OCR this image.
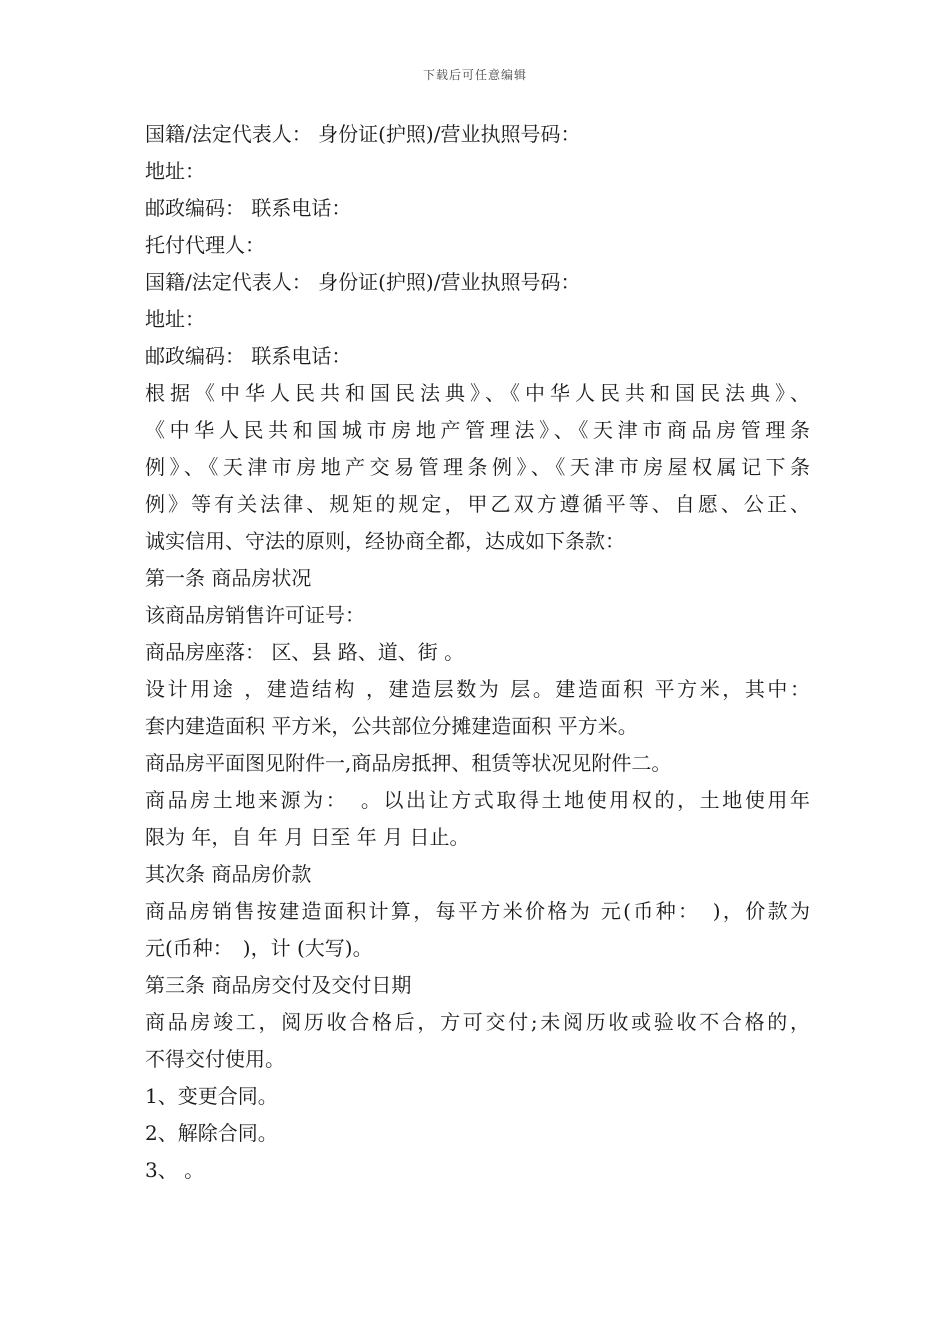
下载后可任意编辑
国籍/法定代表人： 身份证(护照)/营业执照号码：
地址：
邮政编码： 联系电话：
托付代理人：
国籍/法定代表人： 身份证(护照)/营业执照号码：
地址：
邮政编码： 联系电话：
根据《中华人民共和国民法典》、《中华人民共和国民法典》、
《中华人民共和国城市房地产管理法》、《天津市商品房管理条
例》、《天津市房地产交易管理条例》、《天津市房屋权属记下条
例》等有关法律、规矩的规定，甲乙双方遵循平等、自愿、公正、
诚实信用、守法的原则，经协商全都，达成如下条款：
第一条 商品房状况
该商品房销售许可证号：
商品房座落： 区、县 路、道、街 。
设计用途 ，建造结构 ，建造层数为 层。建造面积 平方米，其中：
套内建造面积 平方米，公共部位分摊建造面积 平方米。
商品房平面图见附件一,商品房抵押、租赁等状况见附件二。
商品房土地来源为：　。以出让方式取得土地使用权的，土地使用年
限为 年，自 年 月 日至 年 月 日止。
其次条 商品房价款
商品房销售按建造面积计算，每平方米价格为 元(币种：　)，价款为
元(币种：　)，计 (大写)。
第三条 商品房交付及交付日期
商品房竣工，阅历收合格后，方可交付;未阅历收或验收不合格的，
不得交付使用。
1、变更合同。
2、解除合同。
3、 。
